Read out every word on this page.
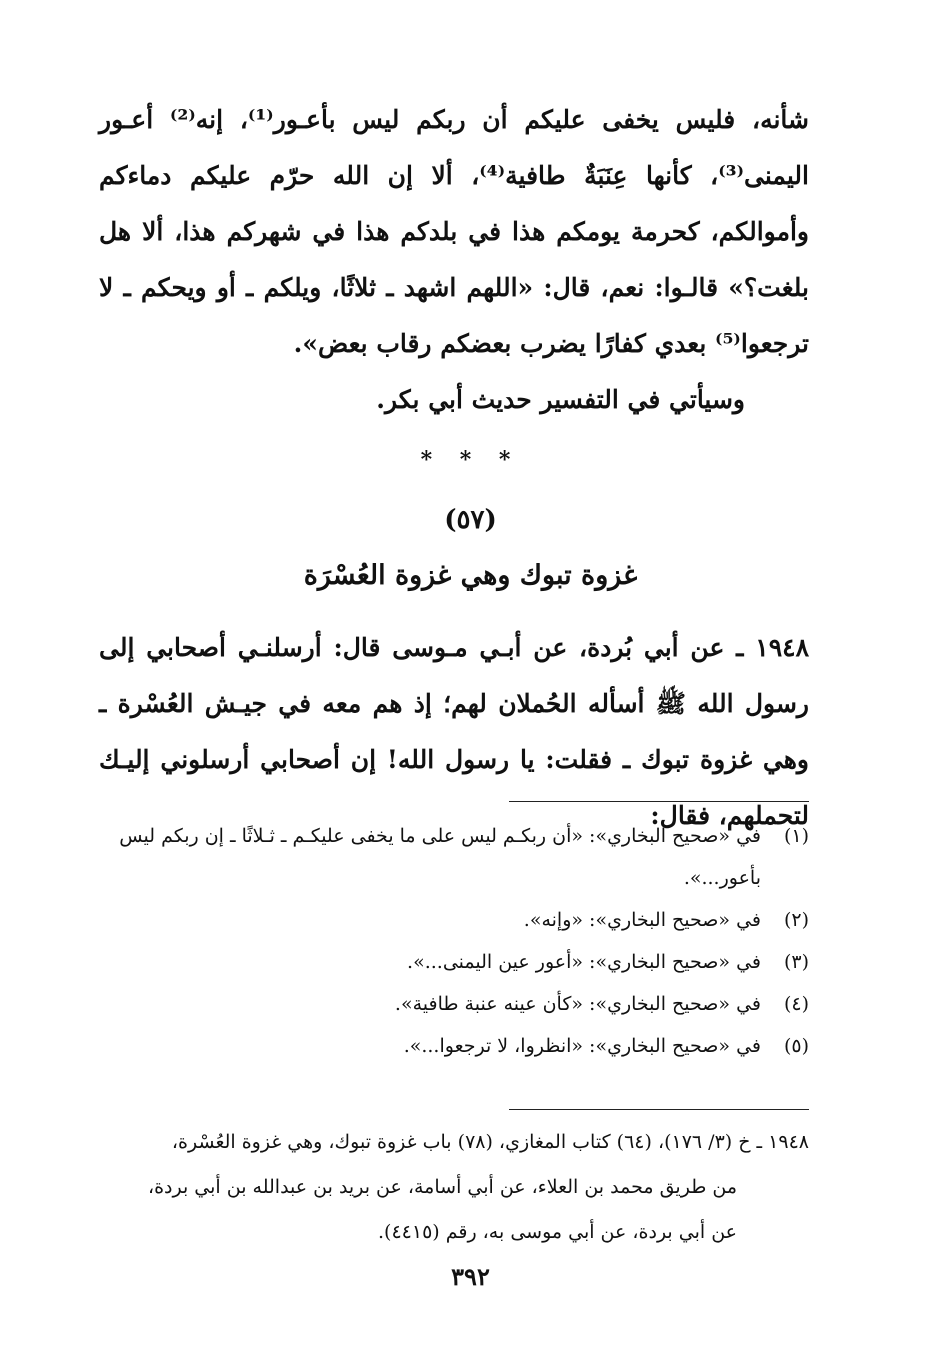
شأنه، فليس يخفى عليكم أن ربكم ليس بأعـور⁽¹⁾، إنه⁽²⁾ أعـور اليمنى⁽³⁾، كأنها عِنَبَةٌ طافية⁽⁴⁾، ألا إن الله حرّم عليكم دماءكم وأموالكم، كحرمة يومكم هذا في بلدكم هذا في شهركم هذا، ألا هل بلغت؟» قالـوا: نعم، قال: «اللهم اشهد ـ ثلاثًا، ويلكم ـ أو ويحكم ـ لا ترجعوا⁽⁵⁾ بعدي كفارًا يضرب بعضكم رقاب بعض».

وسيأتي في التفسير حديث أبي بكر.

* * *
(٥٧)
غزوة تبوك وهي غزوة العُسْرَة

١٩٤٨ ـ عن أبي بُردة، عن أبـي مـوسى قال: أرسلنـي أصحابي إلى رسول الله ﷺ أسأله الحُملان لهم؛ إذ هم معه في جيـش العُسْرة ـ وهي غزوة تبوك ـ فقلت: يا رسول الله! إن أصحابي أرسلوني إليـك لتحملهم، فقال:

(١)
في «صحيح البخاري»: «أن ربكـم ليس على ما يخفى عليكـم ـ ثـلاثًا ـ إن ربكم ليس بأعور...».
(٢)
في «صحيح البخاري»: «وإنه».
(٣)
في «صحيح البخاري»: «أعور عين اليمنى...».
(٤)
في «صحيح البخاري»: «كأن عينه عنبة طافية».
(٥)
في «صحيح البخاري»: «انظروا، لا ترجعوا...».

١٩٤٨ ـ خ (٣/ ١٧٦)، (٦٤) كتاب المغازي، (٧٨) باب غزوة تبوك، وهي غزوة العُسْرة،

من طريق محمد بن العلاء، عن أبي أسامة، عن بريد بن عبدالله بن أبي بردة،

عن أبي بردة، عن أبي موسى به، رقم (٤٤١٥).

٣٩٢
